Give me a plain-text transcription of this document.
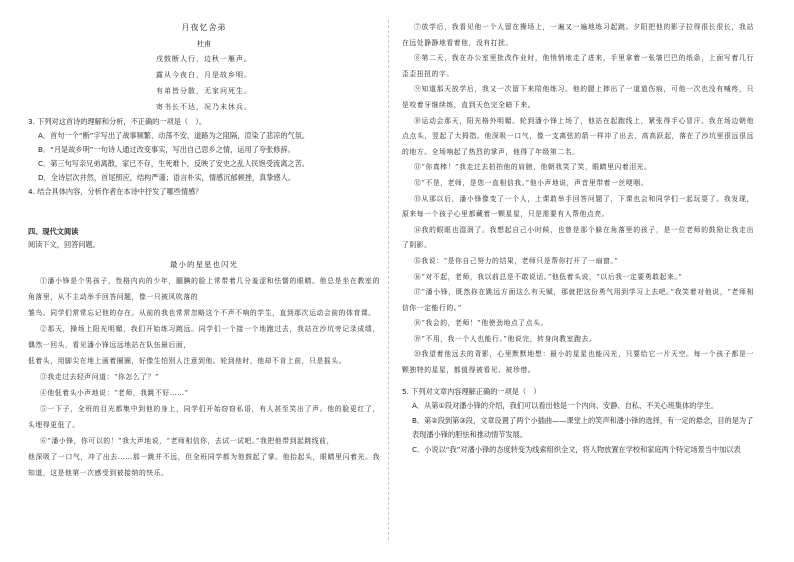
月夜忆舍弟
杜甫
戌鼓断人行，边秋一雁声。
露从今夜白，月是故乡明。
有弟皆分散，无家问死生。
寄书长不达，况乃未休兵。
3. 下列对这首诗的理解和分析，不正确的一项是（　）。
A．首句一个“断”字写出了战事频繁、动荡不安，道路为之阻隔，渲染了悲凉的气氛。
B．“月是故乡明”一句诗人通过改变事实，写出自己思乡之情，运用了夸张修辞。
C．第三句写亲兄弟离散，家已不存，生死难卜，反映了安史之乱人民饱受流离之苦。
D．全诗层次井然，首尾照应，结构严谨；语言朴实，情感沉郁顿挫，真挚感人。
4. 结合具体内容，分析作者在本诗中抒发了哪些情感？
四、现代文阅读
阅读下文，回答问题。
最小的星星也闪光

①潘小锋是个男孩子，性格内向的少年，腼腆的脸上常带着几分羞涩和怯懦的眼睛。他总是坐在教室的角落里，从不主动举手回答问题，像一只被风吹落的

雏鸟。同学们常常忘记他的存在。从前的我也常常忽略这个不声不响的学生，直到那次运动会前的体育课。

②那天，操场上阳光明媚，我们开始练习跳远。同学们一个接一个地跑过去，我站在沙坑旁记录成绩，偶然一回头，看见潘小锋远远地站在队伍最后面，

低着头，用脚尖在地上画着圈圈，好像生怕别人注意到他。轮到他时，他却不肯上前，只是摇头。

③我走过去轻声问道：“你怎么了？”

④他低着头小声地说：“老师，我跳不好……”

⑤一下子，全班的目光都集中到他的身上，同学们开始窃窃私语，有人甚至笑出了声。他的脸更红了，头埋得更低了。

⑥“潘小锋，你可以的！”我大声地说，“老师相信你，去试一试吧。”我把他带到起跳线前，

他深吸了一口气，冲了出去……那一跳并不远，但全班同学都为他鼓起了掌。他抬起头，眼睛里闪着光。我知道，这是他第一次感受到被接纳的快乐。

⑦放学后，我看见他一个人留在操场上，一遍又一遍地练习起跳。夕阳把他的影子拉得很长很长，我站在远处静静地看着他，没有打扰。

⑧第二天，我在办公室里批改作业时，他悄悄地走了进来，手里拿着一张皱巴巴的纸条，上面写着几行歪歪扭扭的字。

⑨知道那天放学后，我又一次留下来陪他练习。他的腿上摔出了一道道伤痕，可他一次也没有喊疼，只是咬着牙继续练，直到天色完全暗下来。

⑩运动会那天，阳光格外明媚。轮到潘小锋上场了，他站在起跑线上，紧张得手心冒汗。我在场边朝他点点头，竖起了大拇指。他深吸一口气，像一支离弦的箭一样冲了出去，高高跃起，落在了沙坑里很远很远的地方。全场响起了热烈的掌声，他得了年级第二名。

⑪“你真棒！”我走过去拍拍他的肩膀，他朝我笑了笑，眼睛里闪着泪光。

⑫“不是，老师，是您一直相信我。”他小声地说，声音里带着一丝哽咽。

⑬从那以后，潘小锋像变了一个人，上课敢举手回答问题了，下课也会和同学们一起玩耍了。我发现，原来每一个孩子心里都藏着一颗星星，只是需要有人帮他点亮。

⑭我的眼眶也湿润了。我想起自己小时候，也曾是那个躲在角落里的孩子，是一位老师的鼓励让我走出了阴影。

⑮我说：“是你自己努力的结果，老师只是帮你打开了一扇窗。”

⑯“对不起，老师，我以前总是不敢说话。”他低着头说，“以后我一定要勇敢起来。”

⑰“潘小锋，既然你在跳远方面这么有天赋，那就把这份勇气用到学习上去吧。”我笑着对他说，“老师相信你一定能行的。”

⑱“我会的，老师！”他使劲地点了点头。

⑲“不用，我一个人也能行。”他说完，转身向教室跑去。

⑳我望着他远去的背影，心里默默地想：最小的星星也能闪光，只要给它一片天空。每一个孩子都是一颗独特的星星，都值得被看见、被珍惜。

5. 下列对文章内容理解正确的一项是（　）
A．从第①段对潘小锋的介绍，我们可以看出他是一个内向、安静、自私、不关心班集体的学生。
B．第②段到第③段，文章设置了两个小插曲——课堂上的笑声和潘小锋的选择，有一定的悬念，目的是为了表现潘小锋的胆怯和推动情节发展。
C．小说以“我”对潘小锋的态度转变为线索组织全文，将人物放置在学校和家庭两个特定场景当中加以表
